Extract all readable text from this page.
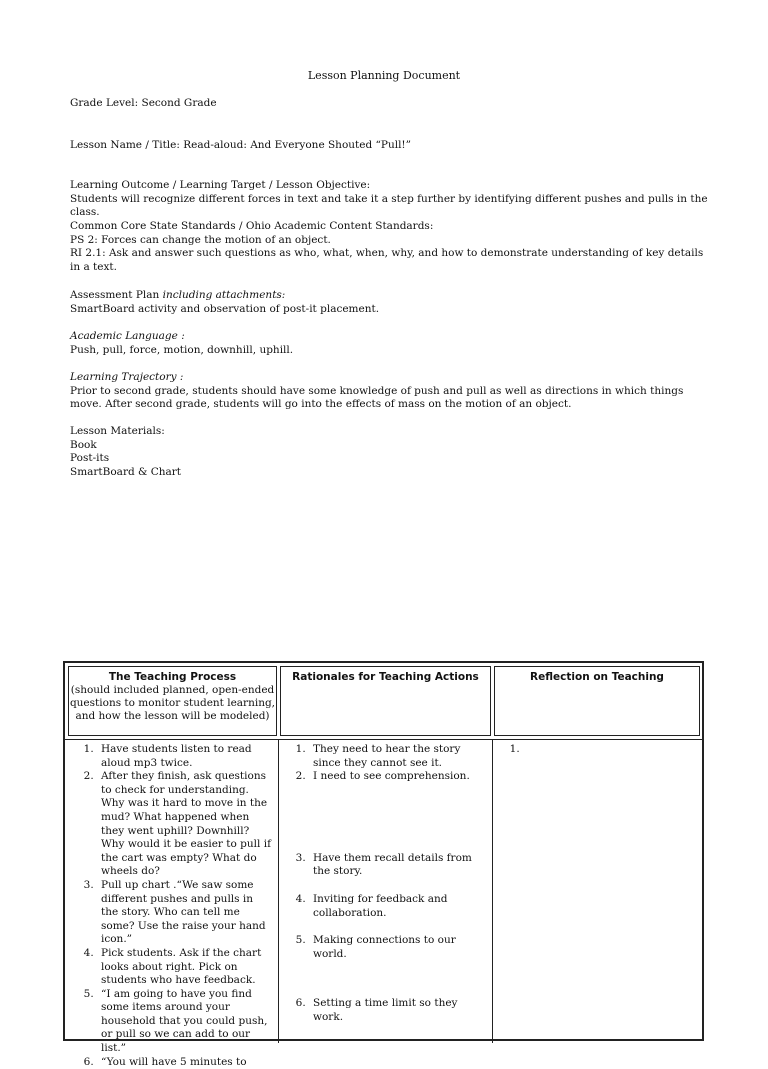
Lesson Planning Document
Grade Level: Second Grade
Lesson Name / Title: Read-aloud: And Everyone Shouted “Pull!”
Learning Outcome / Learning Target / Lesson Objective:
Students will recognize different forces in text and take it a step further by identifying different pushes and pulls in the class.
Common Core State Standards / Ohio Academic Content Standards:
PS 2: Forces can change the motion of an object.
RI 2.1: Ask and answer such questions as who, what, when, why, and how to demonstrate understanding of key details in a text.
Assessment Plan including attachments:
SmartBoard activity and observation of post-it placement.
Academic Language :
Push, pull, force, motion, downhill, uphill.
Learning Trajectory :
Prior to second grade, students should have some knowledge of push and pull as well as directions in which things move. After second grade, students will go into the effects of mass on the motion of an object.
Lesson Materials:
Book
Post-its
SmartBoard & Chart
The Teaching Process
(should included planned, open-ended questions to monitor student learning, and how the lesson will be modeled)
Rationales for Teaching Actions	Reflection on Teaching
1. Have students listen to read aloud mp3 twice.
2. After they finish, ask questions to check for understanding. Why was it hard to move in the mud? What happened when they went uphill? Downhill? Why would it be easier to pull if the cart was empty? What do wheels do?
3. Pull up chart .“We saw some different pushes and pulls in the story. Who can tell me some? Use the raise your hand icon.”
4. Pick students. Ask if the chart looks about right. Pick on students who have feedback.
5. “I am going to have you find some items around your household that you could push, or pull so we can add to our list.”
6. “You will have 5 minutes to
1. They need to hear the story since they cannot see it.
2. I need to see comprehension.
3. Have them recall details from the story.
4. Inviting for feedback and collaboration.
5. Making connections to our world.
6. Setting a time limit so they work.
1.
